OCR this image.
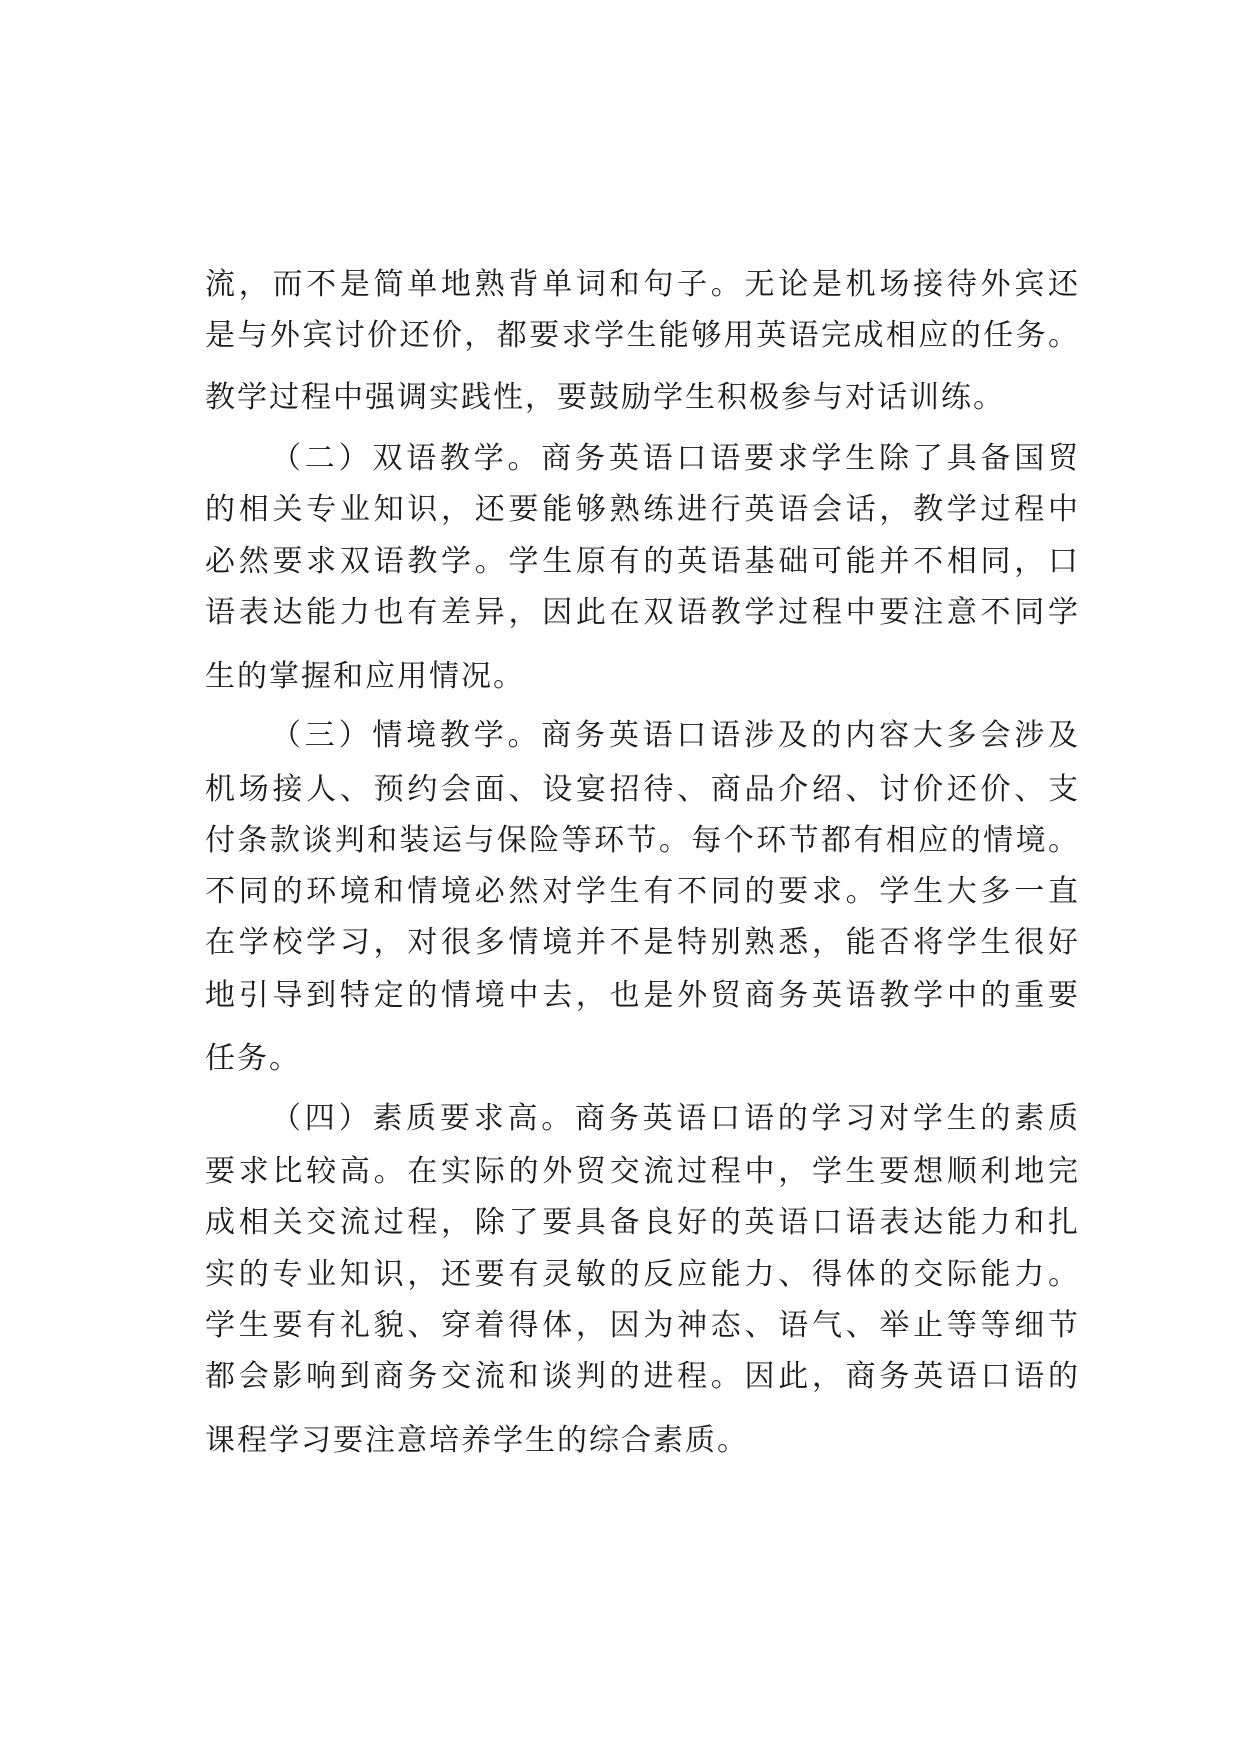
流，而不是简单地熟背单词和句子。无论是机场接待外宾还
是与外宾讨价还价，都要求学生能够用英语完成相应的任务。
教学过程中强调实践性，要鼓励学生积极参与对话训练。
（二）双语教学。商务英语口语要求学生除了具备国贸
的相关专业知识，还要能够熟练进行英语会话，教学过程中
必然要求双语教学。学生原有的英语基础可能并不相同，口
语表达能力也有差异，因此在双语教学过程中要注意不同学
生的掌握和应用情况。
（三）情境教学。商务英语口语涉及的内容大多会涉及
机场接人、预约会面、设宴招待、商品介绍、讨价还价、支
付条款谈判和装运与保险等环节。每个环节都有相应的情境。
不同的环境和情境必然对学生有不同的要求。学生大多一直
在学校学习，对很多情境并不是特别熟悉，能否将学生很好
地引导到特定的情境中去，也是外贸商务英语教学中的重要
任务。
（四）素质要求高。商务英语口语的学习对学生的素质
要求比较高。在实际的外贸交流过程中，学生要想顺利地完
成相关交流过程，除了要具备良好的英语口语表达能力和扎
实的专业知识，还要有灵敏的反应能力、得体的交际能力。
学生要有礼貌、穿着得体，因为神态、语气、举止等等细节
都会影响到商务交流和谈判的进程。因此，商务英语口语的
课程学习要注意培养学生的综合素质。
